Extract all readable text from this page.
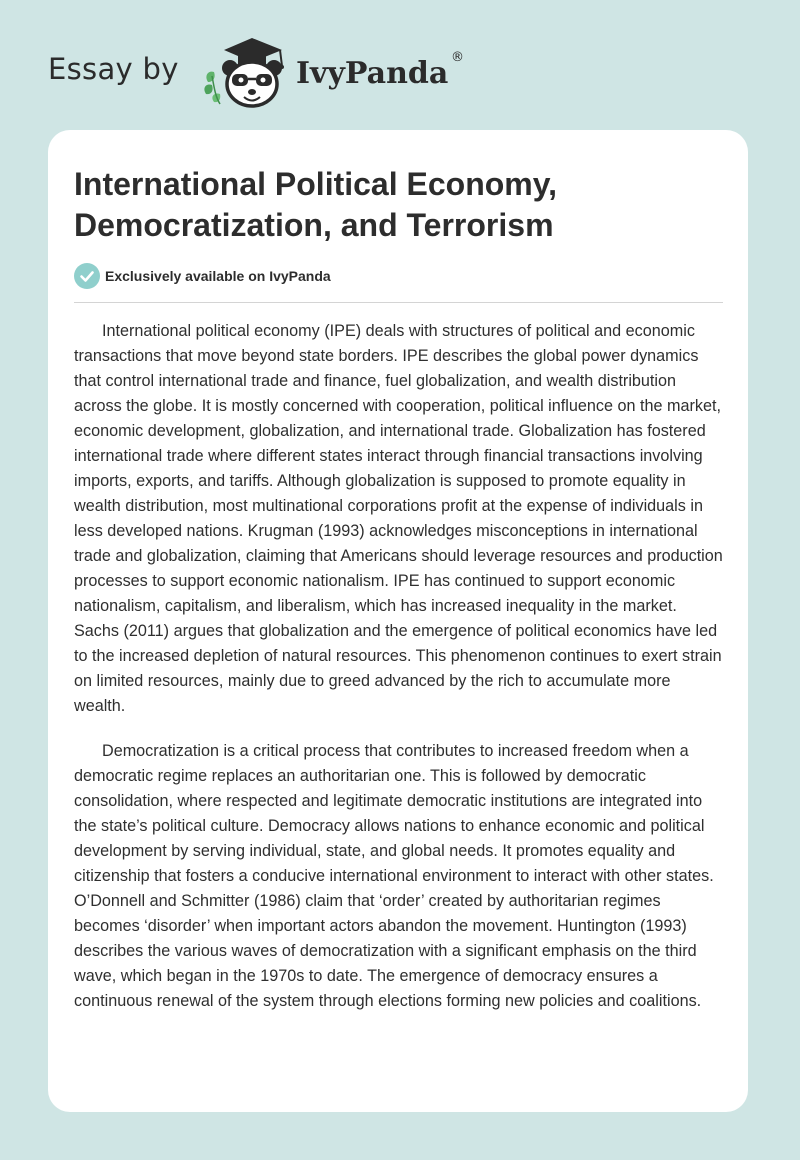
Essay by	IvyPanda ®
International Political Economy, Democratization, and Terrorism
Exclusively available on IvyPanda

International political economy (IPE) deals with structures of political and economic transactions that move beyond state borders. IPE describes the global power dynamics that control international trade and finance, fuel globalization, and wealth distribution across the globe. It is mostly concerned with cooperation, political influence on the market, economic development, globalization, and international trade. Globalization has fostered international trade where different states interact through financial transactions involving imports, exports, and tariffs. Although globalization is supposed to promote equality in wealth distribution, most multinational corporations profit at the expense of individuals in less developed nations. Krugman (1993) acknowledges misconceptions in international trade and globalization, claiming that Americans should leverage resources and production processes to support economic nationalism. IPE has continued to support economic nationalism, capitalism, and liberalism, which has increased inequality in the market. Sachs (2011) argues that globalization and the emergence of political economics have led to the increased depletion of natural resources. This phenomenon continues to exert strain on limited resources, mainly due to greed advanced by the rich to accumulate more wealth.

Democratization is a critical process that contributes to increased freedom when a democratic regime replaces an authoritarian one. This is followed by democratic consolidation, where respected and legitimate democratic institutions are integrated into the state’s political culture. Democracy allows nations to enhance economic and political development by serving individual, state, and global needs. It promotes equality and citizenship that fosters a conducive international environment to interact with other states. O’Donnell and Schmitter (1986) claim that ‘order’ created by authoritarian regimes becomes ‘disorder’ when important actors abandon the movement. Huntington (1993) describes the various waves of democratization with a significant emphasis on the third wave, which began in the 1970s to date. The emergence of democracy ensures a continuous renewal of the system through elections forming new policies and coalitions.
